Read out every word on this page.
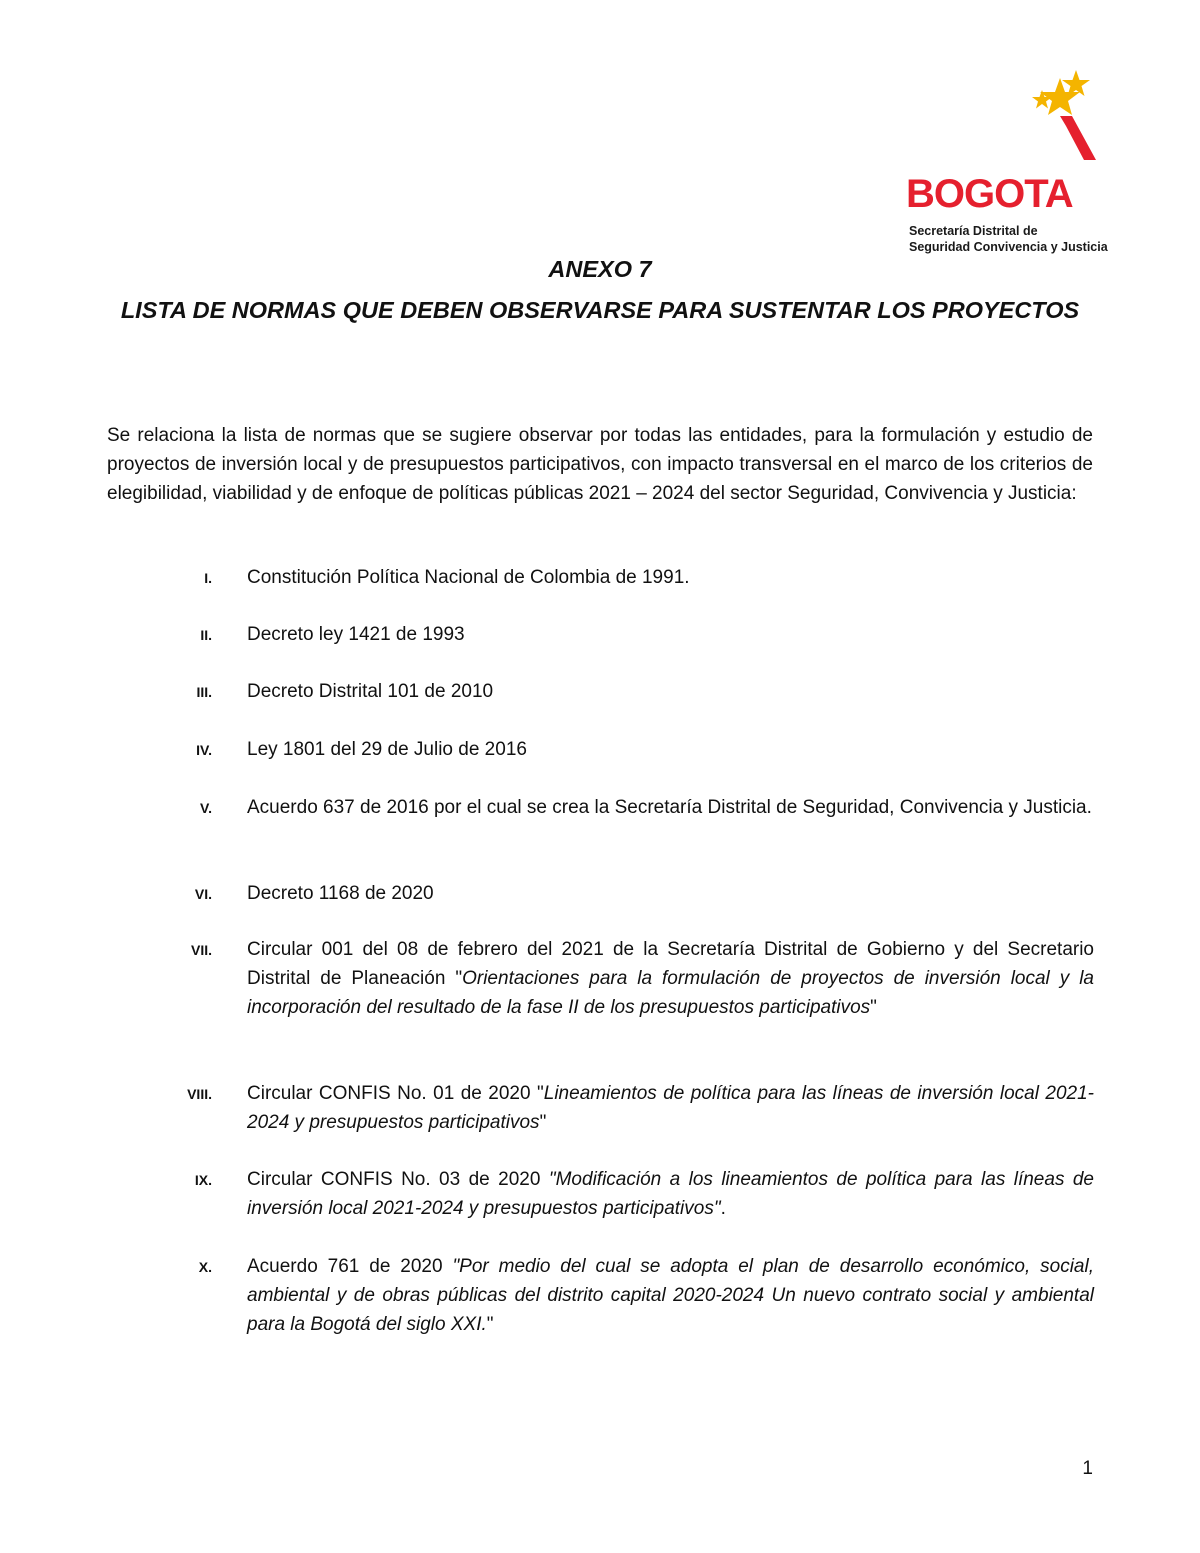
BOGOTA
Secretaría Distrital de
Seguridad Convivencia y Justicia
ANEXO 7
LISTA DE NORMAS QUE DEBEN OBSERVARSE PARA SUSTENTAR LOS PROYECTOS
Se relaciona la lista de normas que se sugiere observar por todas las entidades, para la formulación y estudio de proyectos de inversión local y de presupuestos participativos, con impacto transversal en el marco de los criterios de elegibilidad, viabilidad y de enfoque de políticas públicas 2021 – 2024 del sector Seguridad, Convivencia y Justicia:
I. Constitución Política Nacional de Colombia de 1991.
II. Decreto ley 1421 de 1993
III. Decreto Distrital 101 de 2010
IV. Ley 1801 del 29 de Julio de 2016
V. Acuerdo 637 de 2016 por el cual se crea la Secretaría Distrital de Seguridad, Convivencia y Justicia.
VI. Decreto 1168 de 2020
VII. Circular 001 del 08 de febrero del 2021 de la Secretaría Distrital de Gobierno y del Secretario Distrital de Planeación "Orientaciones para la formulación de proyectos de inversión local y la incorporación del resultado de la fase II de los presupuestos participativos"
VIII. Circular CONFIS No. 01 de 2020 "Lineamientos de política para las líneas de inversión local 2021-2024 y presupuestos participativos"
IX. Circular CONFIS No. 03 de 2020 "Modificación a los lineamientos de política para las líneas de inversión local 2021-2024 y presupuestos participativos".
X. Acuerdo 761 de 2020 "Por medio del cual se adopta el plan de desarrollo económico, social, ambiental y de obras públicas del distrito capital 2020-2024 Un nuevo contrato social y ambiental para la Bogotá del siglo XXI."
1
